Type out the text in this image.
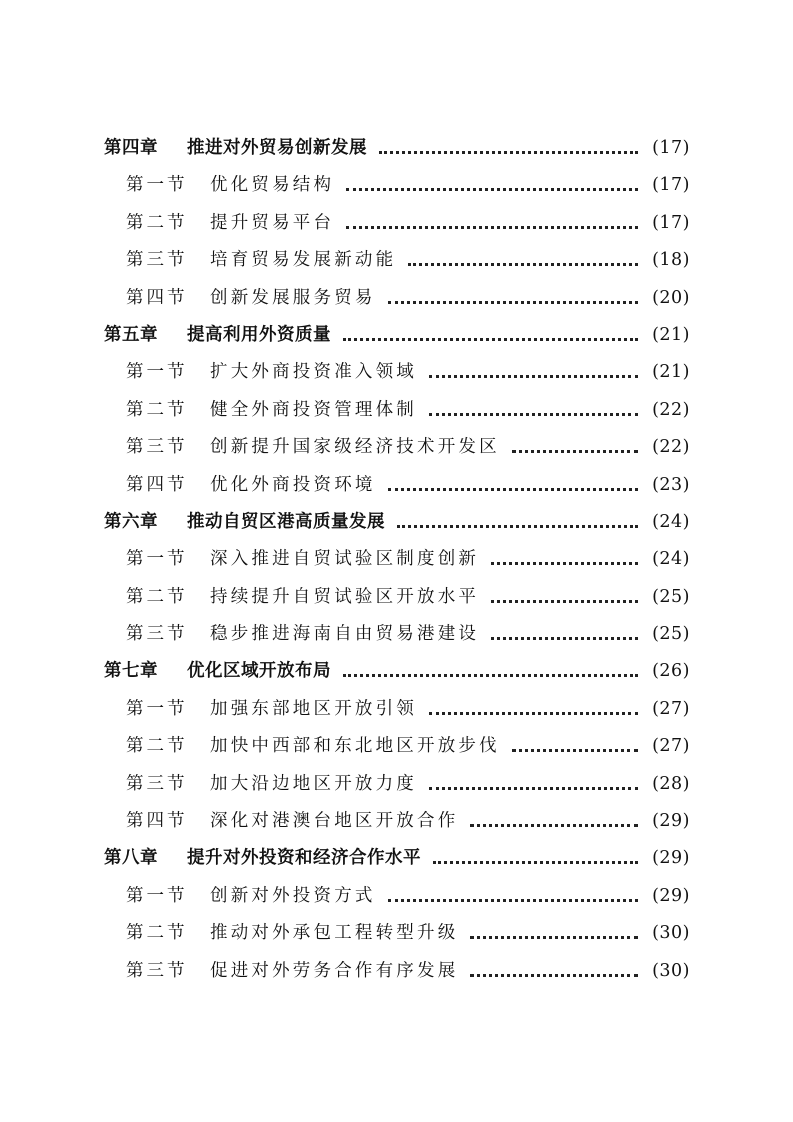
第四章 推进对外贸易创新发展	(17)
第一节 优化贸易结构	(17)
第二节 提升贸易平台	(17)
第三节 培育贸易发展新动能	(18)
第四节 创新发展服务贸易	(20)
第五章 提高利用外资质量	(21)
第一节 扩大外商投资准入领域	(21)
第二节 健全外商投资管理体制	(22)
第三节 创新提升国家级经济技术开发区	(22)
第四节 优化外商投资环境	(23)
第六章 推动自贸区港高质量发展	(24)
第一节 深入推进自贸试验区制度创新	(24)
第二节 持续提升自贸试验区开放水平	(25)
第三节 稳步推进海南自由贸易港建设	(25)
第七章 优化区域开放布局	(26)
第一节 加强东部地区开放引领	(27)
第二节 加快中西部和东北地区开放步伐	(27)
第三节 加大沿边地区开放力度	(28)
第四节 深化对港澳台地区开放合作	(29)
第八章 提升对外投资和经济合作水平	(29)
第一节 创新对外投资方式	(29)
第二节 推动对外承包工程转型升级	(30)
第三节 促进对外劳务合作有序发展	(30)
